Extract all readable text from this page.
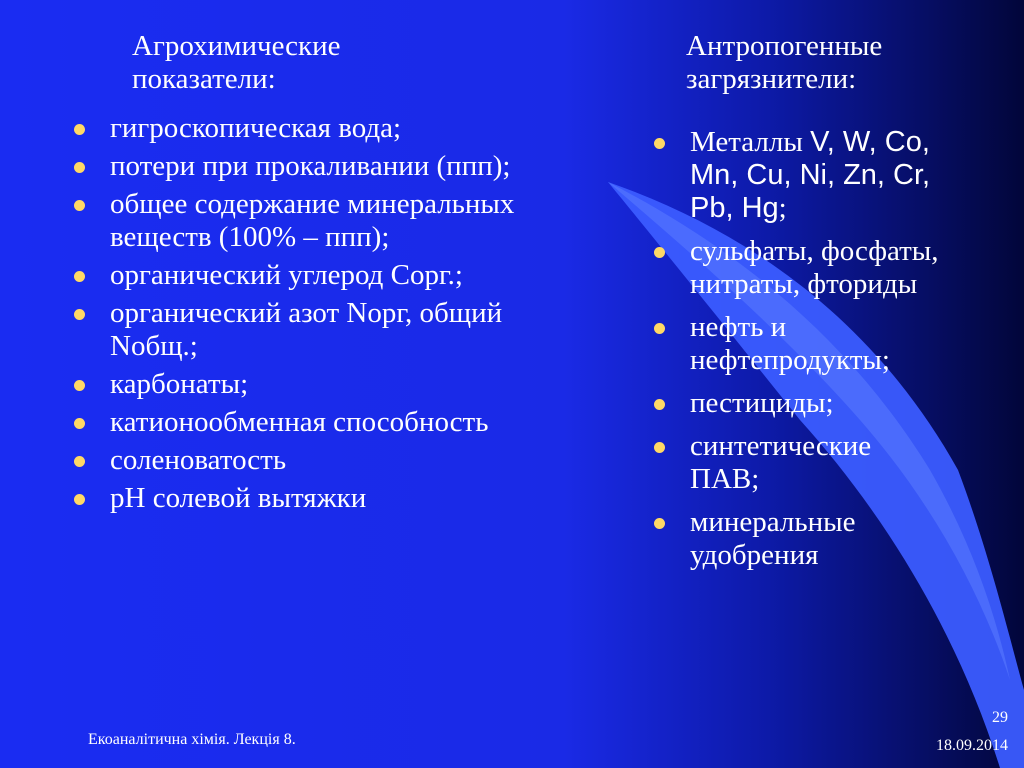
Агрохимические показатели:
Антропогенные загрязнители:
гигроскопическая вода;
потери при прокаливании (ппп);
общее содержание минеральных веществ (100% – ппп);
органический углерод Сорг.;
органический азот Nорг, общий Nобщ.;
карбонаты;
катионообменная способность
соленоватость
рН солевой вытяжки
Металлы V, W, Co, Mn, Cu, Ni, Zn, Cr, Pb, Hg;
сульфаты, фосфаты, нитраты, фториды
нефть и нефтепродукты;
пестициды;
синтетические ПАВ;
минеральные удобрения
Екоаналітична хімія. Лекція 8.
29
18.09.2014
